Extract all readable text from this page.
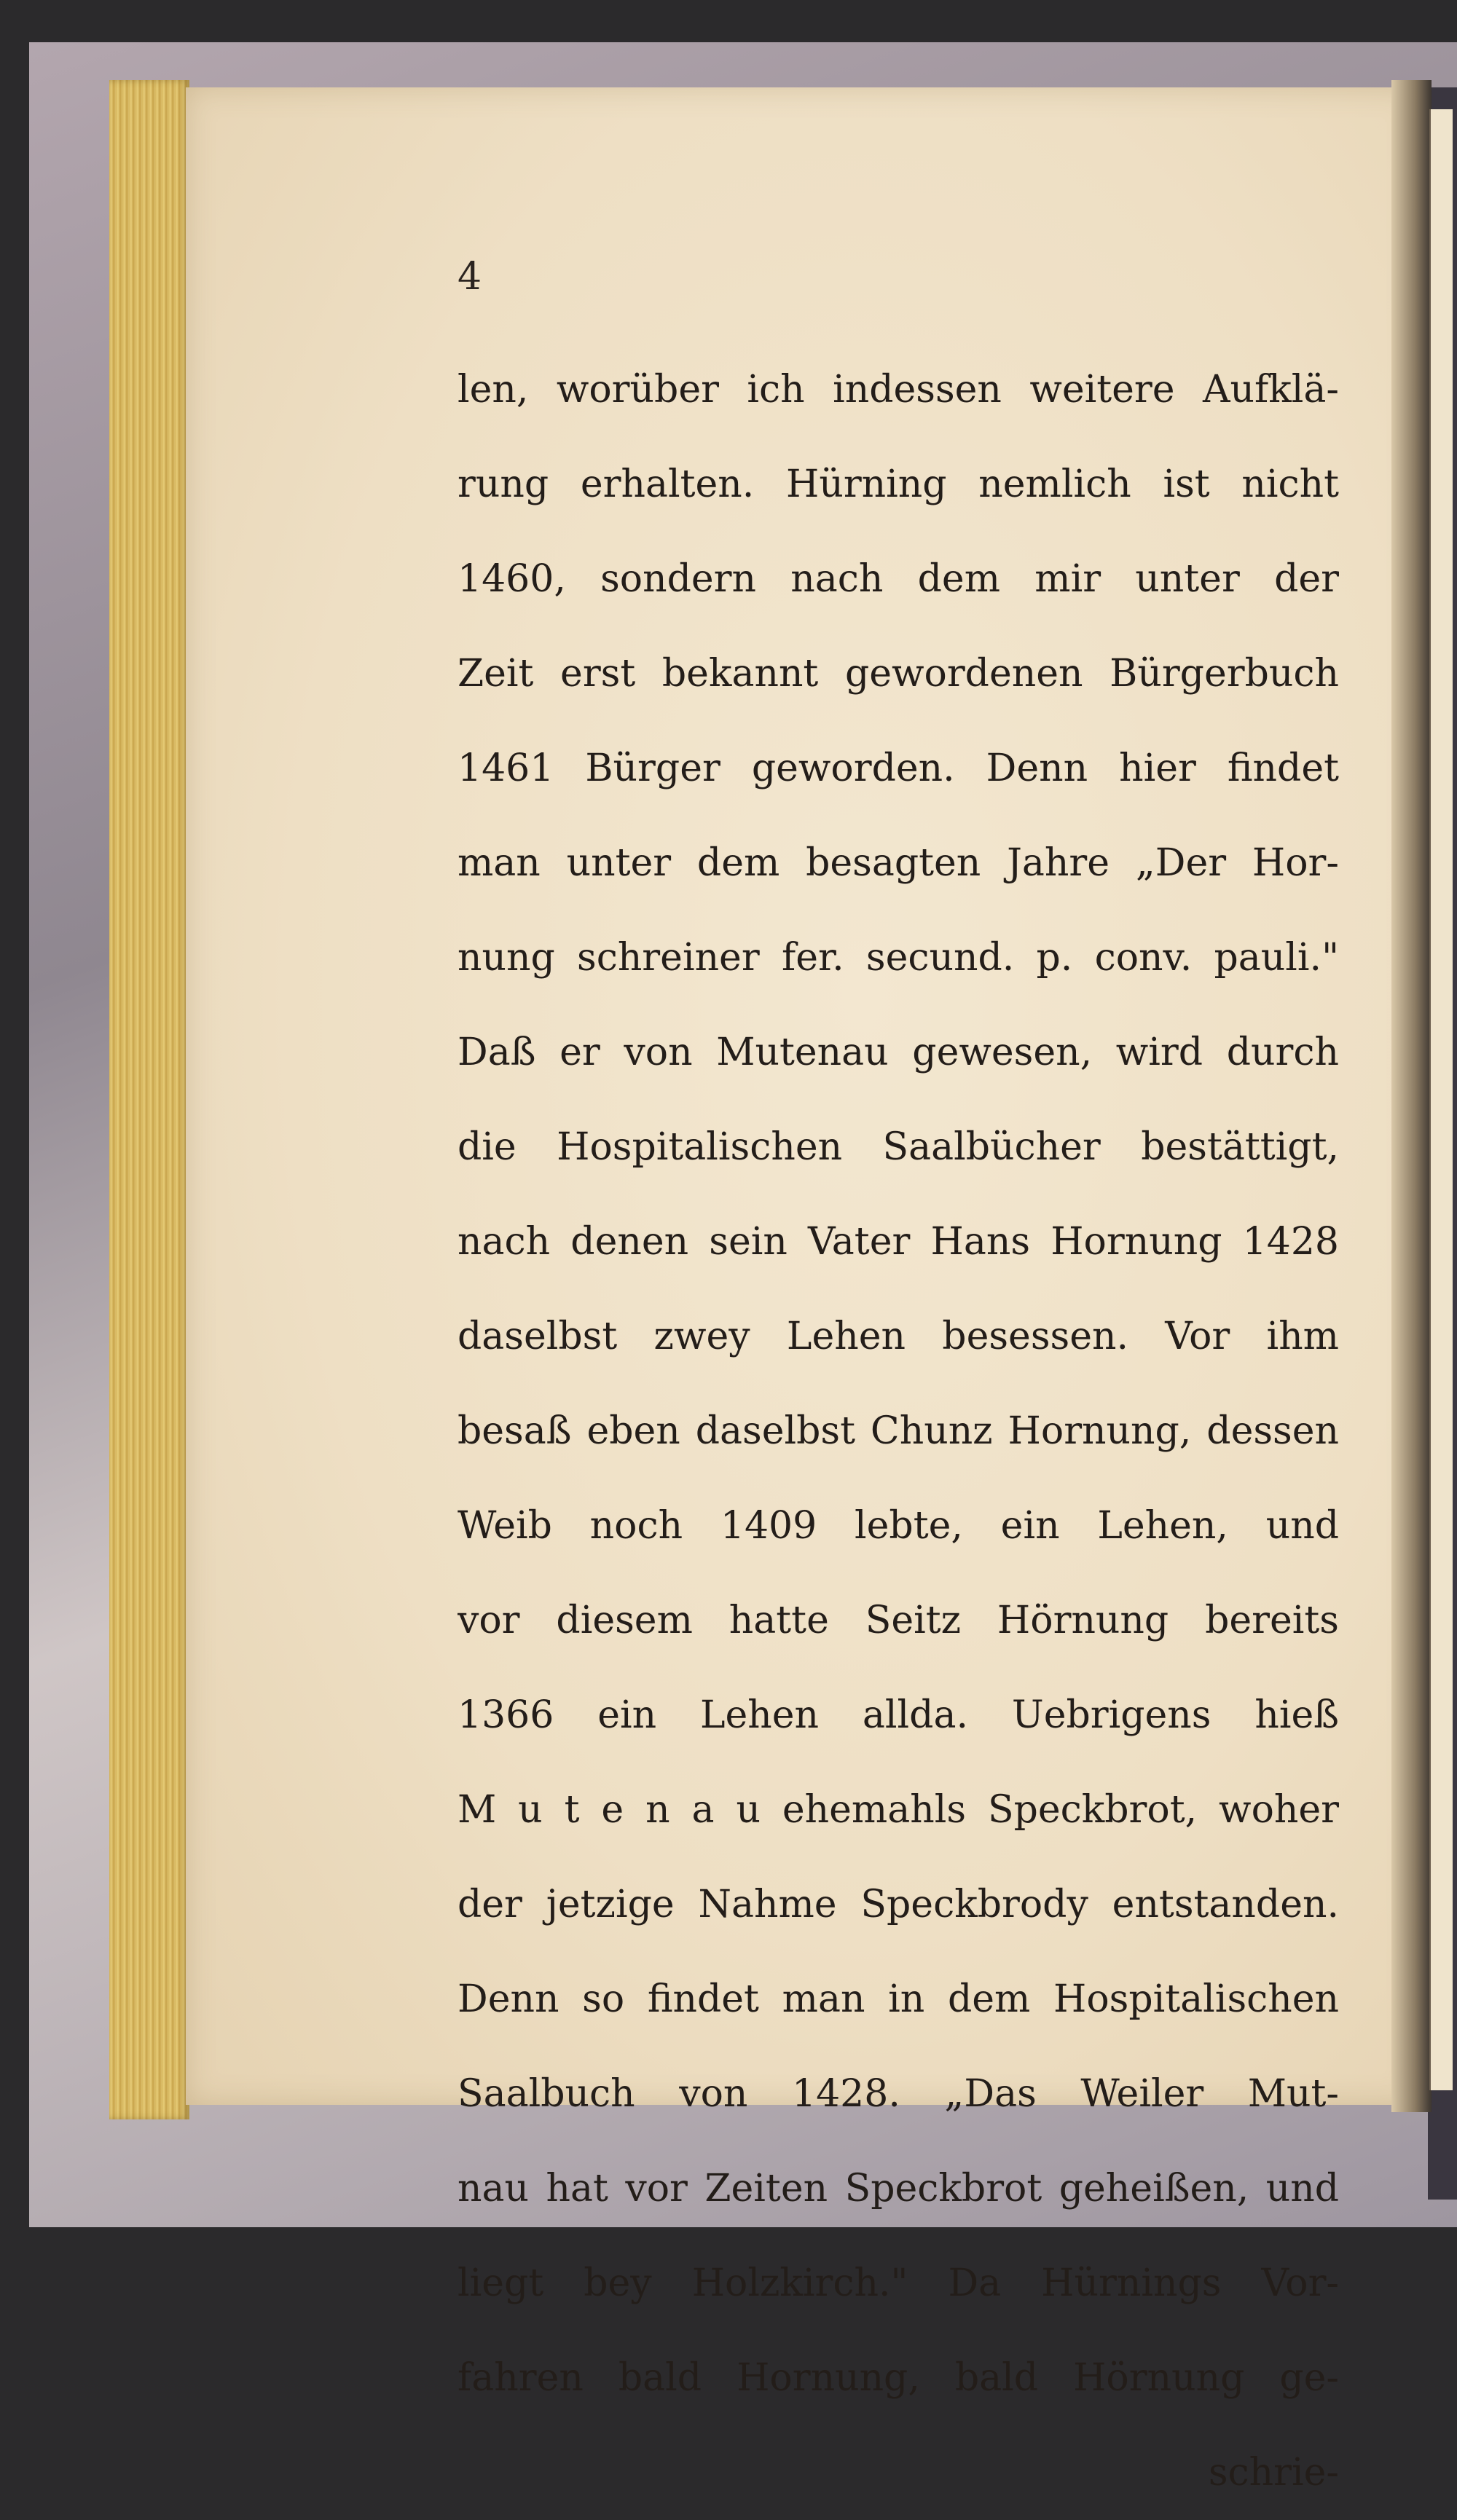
4
len, worüber ich indessen weitere Aufklä-
rung erhalten. Hürning nemlich ist nicht
1460, sondern nach dem mir unter der
Zeit erst bekannt gewordenen Bürgerbuch
1461 Bürger geworden. Denn hier findet
man unter dem besagten Jahre „Der Hor-
nung schreiner fer. secund. p. conv. pauli."
Daß er von Mutenau gewesen, wird durch
die Hospitalischen Saalbücher bestättigt,
nach denen sein Vater Hans Hornung 1428
daselbst zwey Lehen besessen. Vor ihm
besaß eben daselbst Chunz Hornung, dessen
Weib noch 1409 lebte, ein Lehen, und
vor diesem hatte Seitz Hörnung bereits
1366 ein Lehen allda. Uebrigens hieß
M u t e n a u ehemahls Speckbrot, woher
der jetzige Nahme Speckbrody entstanden.
Denn so findet man in dem Hospitalischen
Saalbuch von 1428. „Das Weiler Mut-
nau hat vor Zeiten Speckbrot geheißen, und
liegt bey Holzkirch." Da Hürnings Vor-
fahren bald Hornung, bald Hörnung ge-
schrie-
